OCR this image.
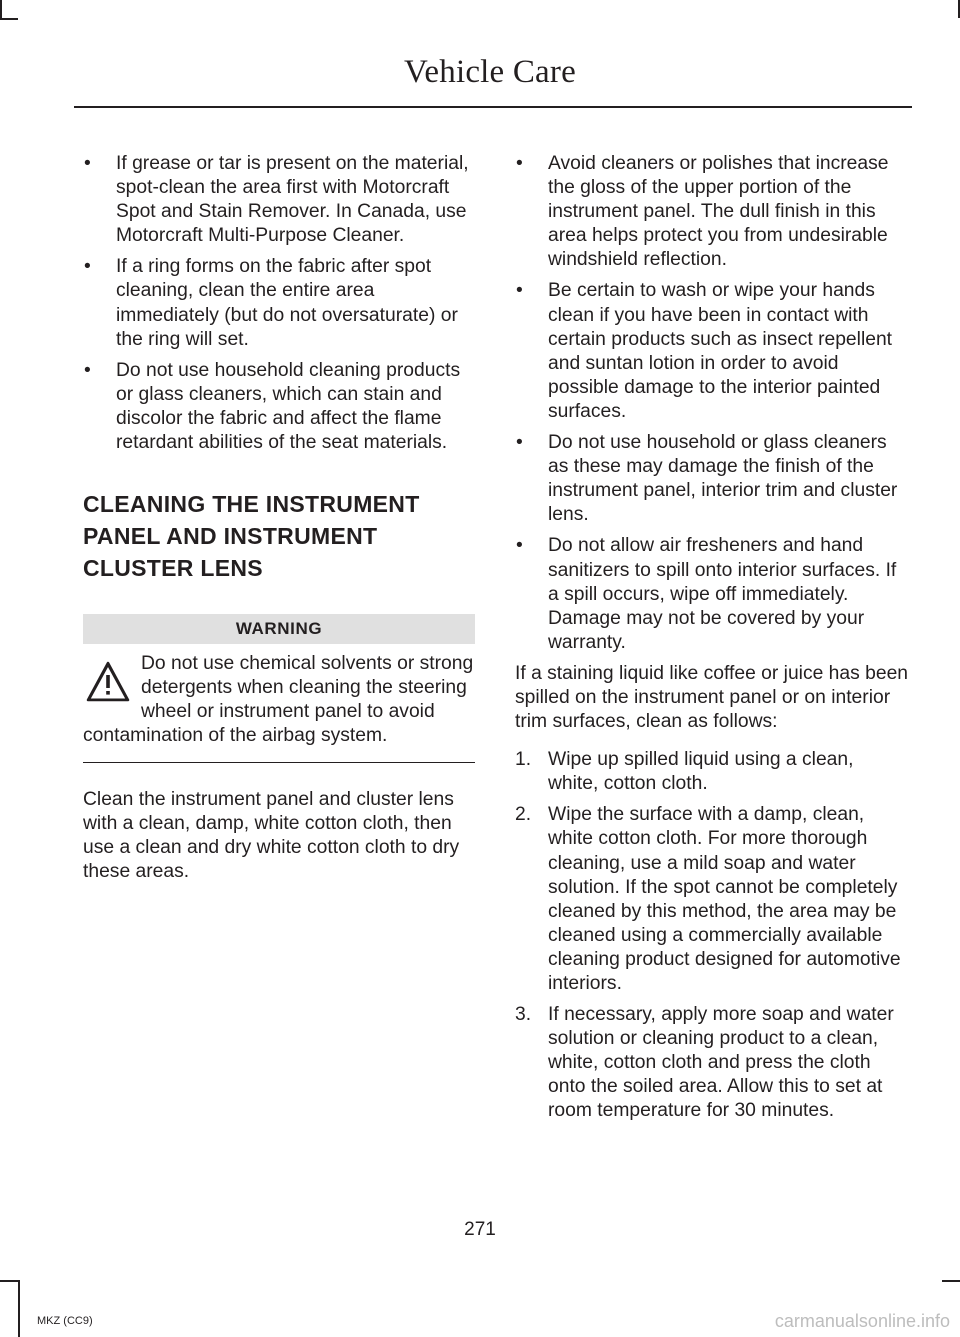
Vehicle Care
• If grease or tar is present on the material, spot-clean the area first with Motorcraft Spot and Stain Remover. In Canada, use Motorcraft Multi-Purpose Cleaner.
• If a ring forms on the fabric after spot cleaning, clean the entire area immediately (but do not oversaturate) or the ring will set.
• Do not use household cleaning products or glass cleaners, which can stain and discolor the fabric and affect the flame retardant abilities of the seat materials.
CLEANING THE INSTRUMENT PANEL AND INSTRUMENT CLUSTER LENS
WARNING

Do not use chemical solvents or strong detergents when cleaning the steering wheel or instrument panel to avoid contamination of the airbag system.

Clean the instrument panel and cluster lens with a clean, damp, white cotton cloth, then use a clean and dry white cotton cloth to dry these areas.

• Avoid cleaners or polishes that increase the gloss of the upper portion of the instrument panel. The dull finish in this area helps protect you from undesirable windshield reflection.
• Be certain to wash or wipe your hands clean if you have been in contact with certain products such as insect repellent and suntan lotion in order to avoid possible damage to the interior painted surfaces.
• Do not use household or glass cleaners as these may damage the finish of the instrument panel, interior trim and cluster lens.
• Do not allow air fresheners and hand sanitizers to spill onto interior surfaces. If a spill occurs, wipe off immediately. Damage may not be covered by your warranty.

If a staining liquid like coffee or juice has been spilled on the instrument panel or on interior trim surfaces, clean as follows:

1. Wipe up spilled liquid using a clean, white, cotton cloth.
2. Wipe the surface with a damp, clean, white cotton cloth. For more thorough cleaning, use a mild soap and water solution. If the spot cannot be completely cleaned by this method, the area may be cleaned using a commercially available cleaning product designed for automotive interiors.
3. If necessary, apply more soap and water solution or cleaning product to a clean, white, cotton cloth and press the cloth onto the soiled area. Allow this to set at room temperature for 30 minutes.
271
MKZ (CC9)	carmanualsonline.info
